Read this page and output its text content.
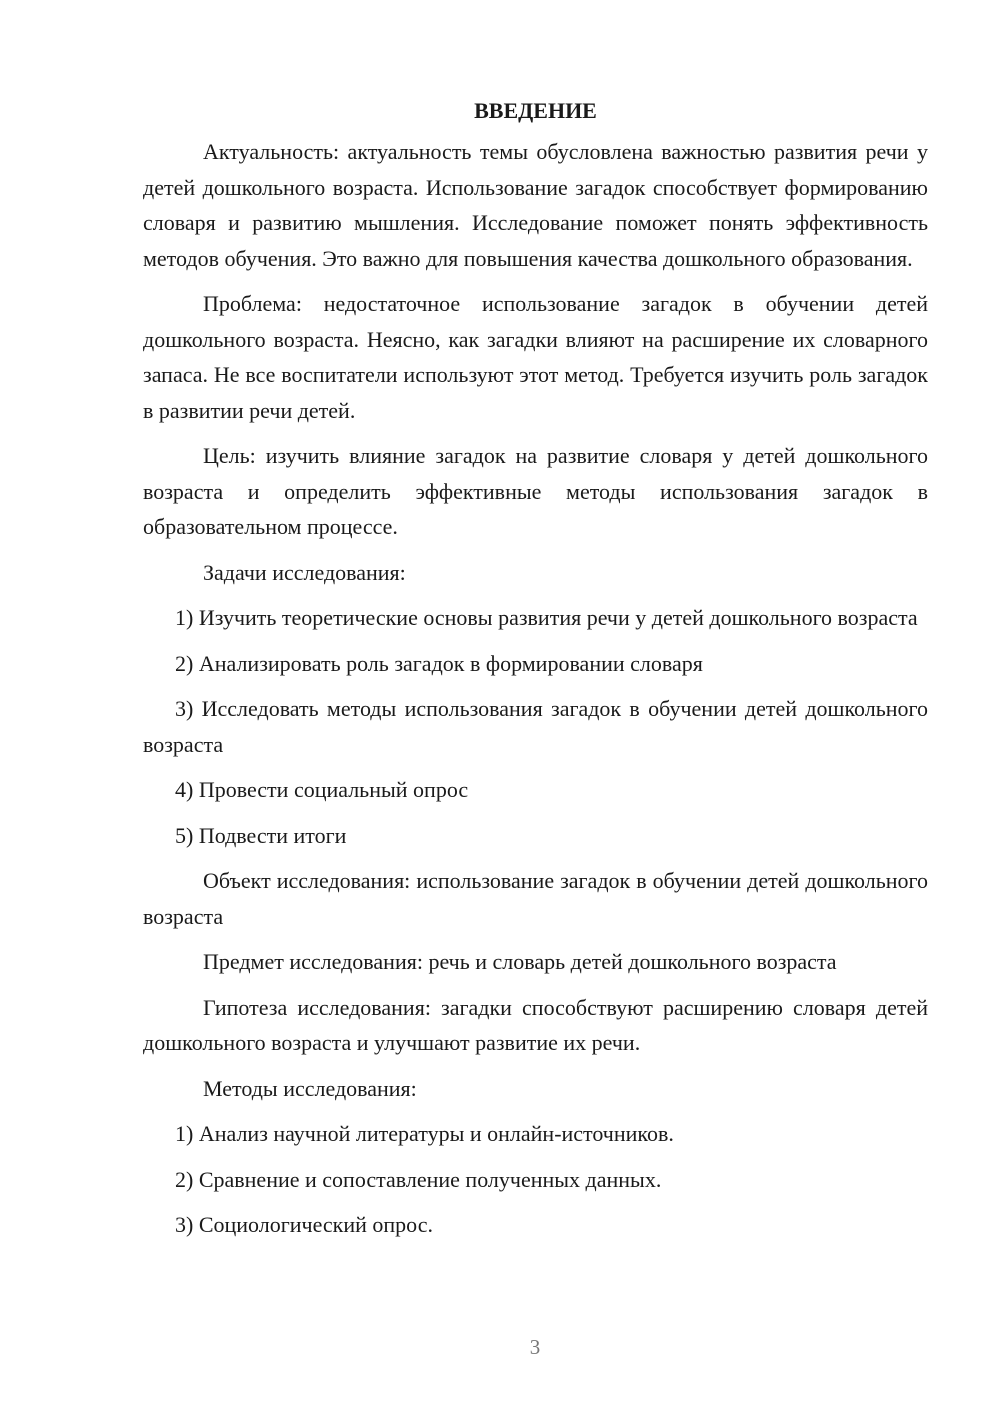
ВВЕДЕНИЕ

Актуальность: актуальность темы обусловлена важностью развития речи у детей дошкольного возраста. Использование загадок способствует формированию словаря и развитию мышления. Исследование поможет понять эффективность методов обучения. Это важно для повышения качества дошкольного образования.

Проблема: недостаточное использование загадок в обучении детей дошкольного возраста. Неясно, как загадки влияют на расширение их словарного запаса. Не все воспитатели используют этот метод. Требуется изучить роль загадок в развитии речи детей.

Цель: изучить влияние загадок на развитие словаря у детей дошкольного возраста и определить эффективные методы использования загадок в образовательном процессе.

Задачи исследования:

1) Изучить теоретические основы развития речи у детей дошкольного возраста

2) Анализировать роль загадок в формировании словаря

3) Исследовать методы использования загадок в обучении детей дошкольного возраста

4) Провести социальный опрос

5) Подвести итоги

Объект исследования: использование загадок в обучении детей дошкольного возраста

Предмет исследования: речь и словарь детей дошкольного возраста

Гипотеза исследования: загадки способствуют расширению словаря детей дошкольного возраста и улучшают развитие их речи.

Методы исследования:

1) Анализ научной литературы и онлайн-источников.

2) Сравнение и сопоставление полученных данных.

3) Социологический опрос.

3
